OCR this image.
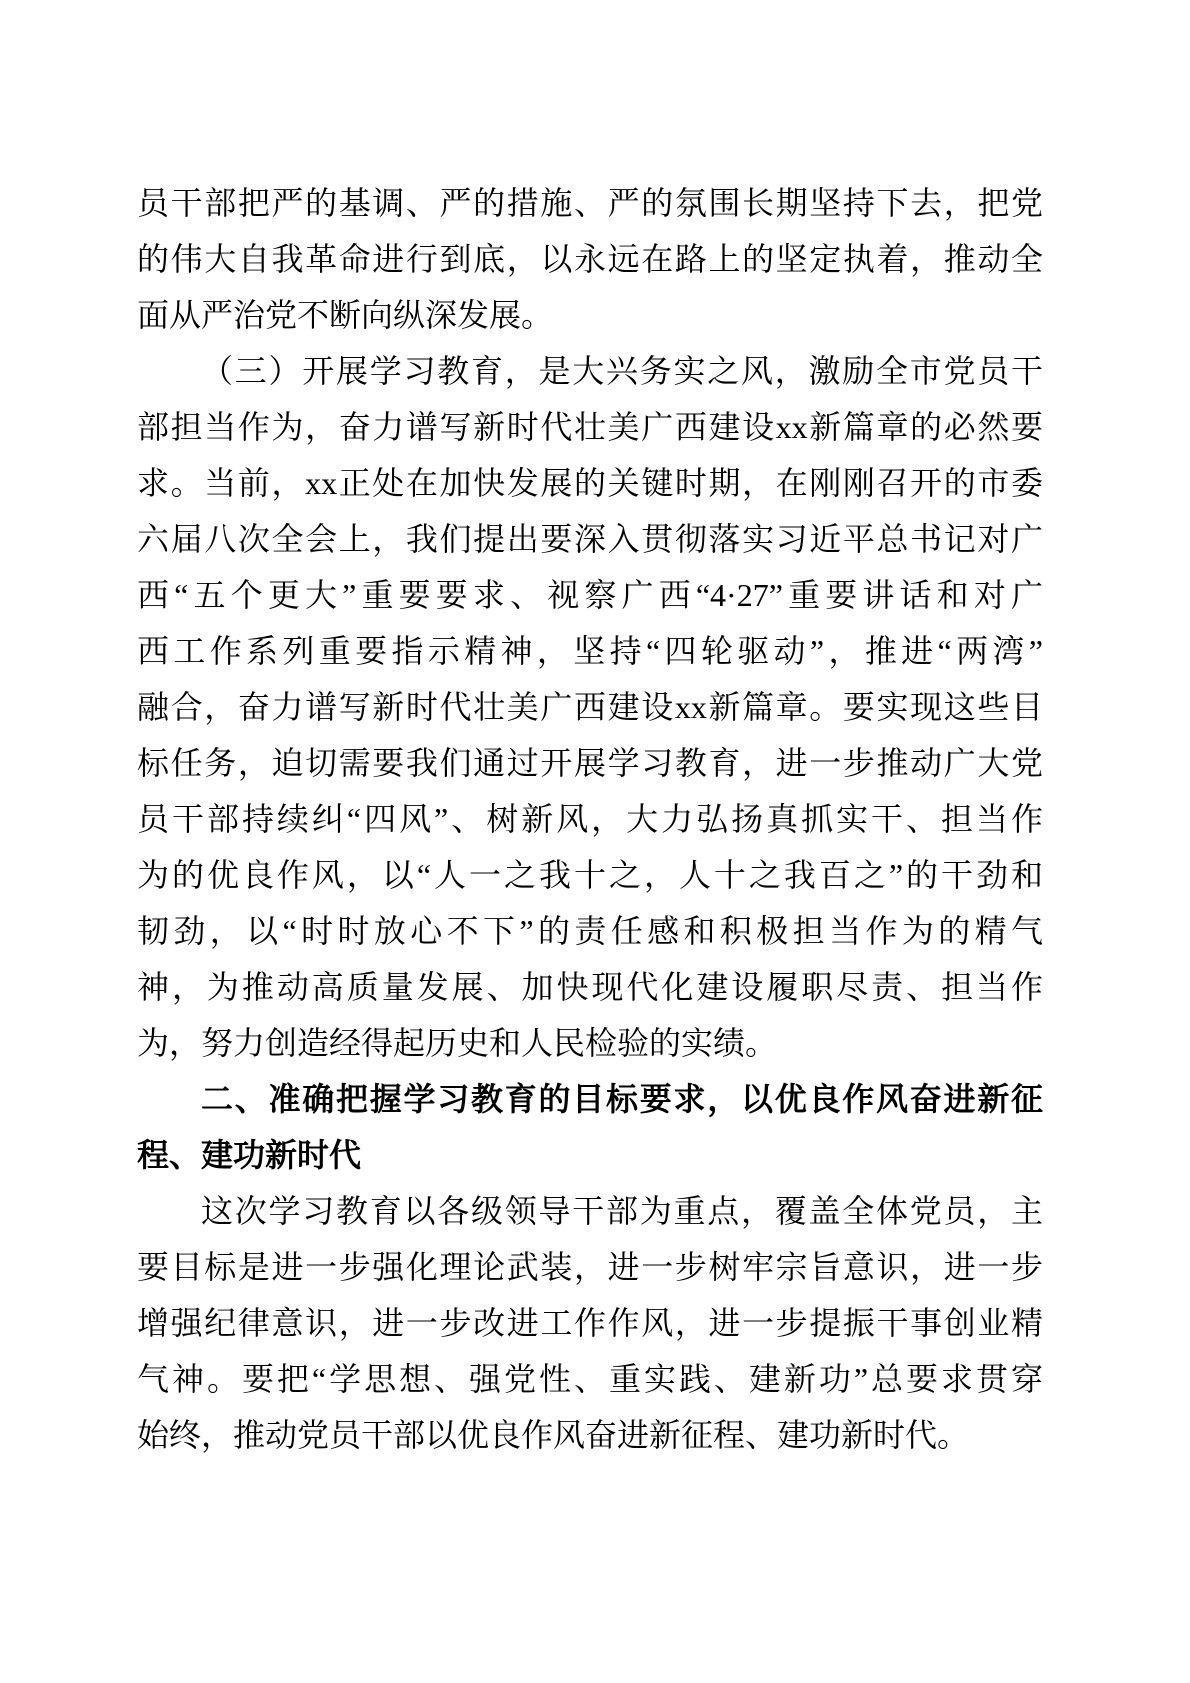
员干部把严的基调、严的措施、严的氛围长期坚持下去，把党
的伟大自我革命进行到底，以永远在路上的坚定执着，推动全
面从严治党不断向纵深发展。
（三）开展学习教育，是大兴务实之风，激励全市党员干
部担当作为，奋力谱写新时代壮美广西建设xx新篇章的必然要
求。当前，xx正处在加快发展的关键时期，在刚刚召开的市委
六届八次全会上，我们提出要深入贯彻落实习近平总书记对广
西“五个更大”重要要求、视察广西“4·27”重要讲话和对广
西工作系列重要指示精神，坚持“四轮驱动”，推进“两湾”
融合，奋力谱写新时代壮美广西建设xx新篇章。要实现这些目
标任务，迫切需要我们通过开展学习教育，进一步推动广大党
员干部持续纠“四风”、树新风，大力弘扬真抓实干、担当作
为的优良作风，以“人一之我十之，人十之我百之”的干劲和
韧劲，以“时时放心不下”的责任感和积极担当作为的精气
神，为推动高质量发展、加快现代化建设履职尽责、担当作
为，努力创造经得起历史和人民检验的实绩。
二、准确把握学习教育的目标要求，以优良作风奋进新征
程、建功新时代
这次学习教育以各级领导干部为重点，覆盖全体党员，主
要目标是进一步强化理论武装，进一步树牢宗旨意识，进一步
增强纪律意识，进一步改进工作作风，进一步提振干事创业精
气神。要把“学思想、强党性、重实践、建新功”总要求贯穿
始终，推动党员干部以优良作风奋进新征程、建功新时代。
